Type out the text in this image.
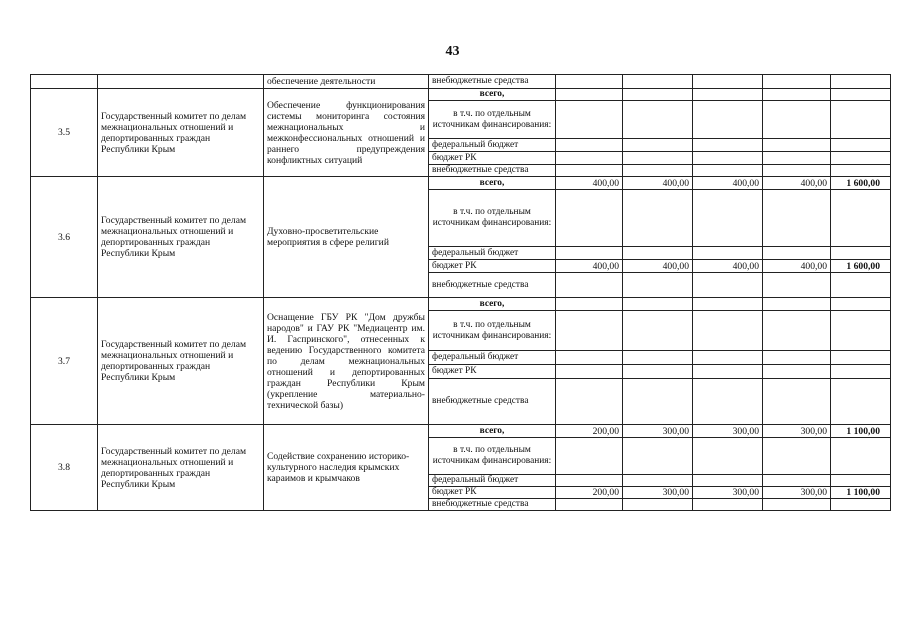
43
		обеспечение деятельности	внебюджетные средства					
3.5	Государственный комитет по делам межнациональных отношений и депортированных граждан Республики Крым	Обеспечение функционирования системы мониторинга состояния межнациональных и межконфессиональных отношений и раннего предупреждения конфликтных ситуаций	всего,					
			в т.ч. по отдельным источникам финансирования:					
			федеральный бюджет					
			бюджет РК					
			внебюджетные средства					
3.6	Государственный комитет по делам межнациональных отношений и депортированных граждан Республики Крым	Духовно-просветительские мероприятия в сфере религий	всего,	400,00	400,00	400,00	400,00	1 600,00
			в т.ч. по отдельным источникам финансирования:					
			федеральный бюджет					
			бюджет РК	400,00	400,00	400,00	400,00	1 600,00
			внебюджетные средства					
3.7	Государственный комитет по делам межнациональных отношений и депортированных граждан Республики Крым	Оснащение ГБУ РК "Дом дружбы народов" и ГАУ РК "Медиацентр им. И. Гаспринского", отнесенных к ведению Государственного комитета по делам межнациональных отношений и депортированных граждан Республики Крым (укрепление материально-технической базы)	всего,					
			в т.ч. по отдельным источникам финансирования:					
			федеральный бюджет					
			бюджет РК					
			внебюджетные средства					
3.8	Государственный комитет по делам межнациональных отношений и депортированных граждан Республики Крым	Содействие сохранению историко-культурного наследия крымских караимов и крымчаков	всего,	200,00	300,00	300,00	300,00	1 100,00
			в т.ч. по отдельным источникам финансирования:					
			федеральный бюджет					
			бюджет РК	200,00	300,00	300,00	300,00	1 100,00
			внебюджетные средства					
